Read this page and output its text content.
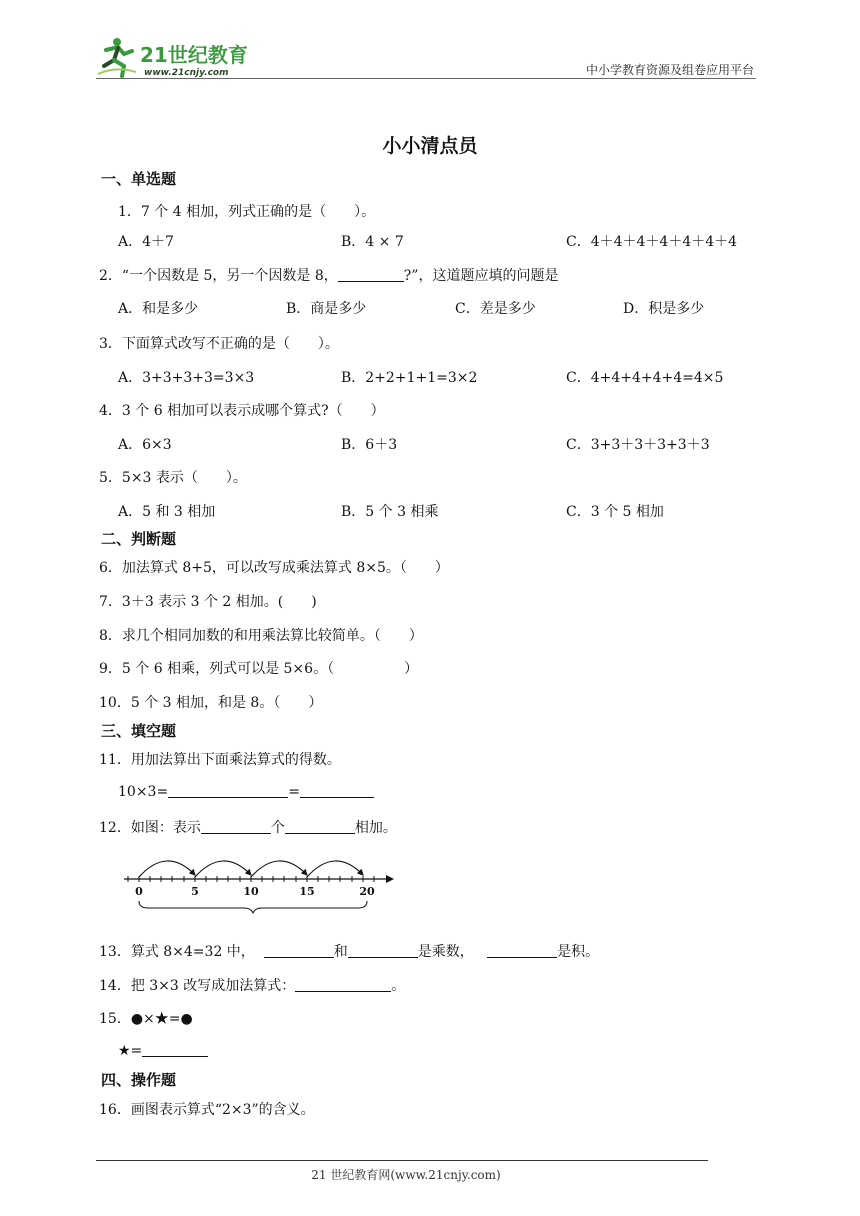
21世纪教育
www.21cnjy.com	中小学教育资源及组卷应用平台
小小清点员
一、单选题
1．7 个 4 相加，列式正确的是（　　）。
A．4＋7	B．4 × 7	C．4＋4＋4＋4＋4＋4＋4
2．“一个因数是 5，另一个因数是 8，	?”，这道题应填的问题是
A．和是多少	B．商是多少	C．差是多少	D．积是多少
3．下面算式改写不正确的是（　　）。
A．3+3+3+3=3×3	B．2+2+1+1=3×2	C．4+4+4+4+4=4×5
4．3 个 6 相加可以表示成哪个算式?（　　）
A．6×3	B．6＋3	C．3+3＋3＋3+3＋3
5．5×3 表示（　　）。
A．5 和 3 相加	B．5 个 3 相乘	C．3 个 5 相加
二、判断题
6．加法算式 8+5，可以改写成乘法算式 8×5。（　　）
7．3＋3 表示 3 个 2 相加。(　　)
8．求几个相同加数的和用乘法算比较简单。（　　）
9．5 个 6 相乘，列式可以是 5×6。（　　　　　）
10．5 个 3 相加，和是 8。（　　）
三、填空题
11．用加法算出下面乘法算式的得数。
10×3=	=
12．如图：表示	个	相加。
0	5	10	15	20
13．算式 8×4=32 中，	和	是乘数，	是积。
14．把 3×3 改写成加法算式：	。
15．●×★=●
★=
四、操作题
16．画图表示算式“2×3”的含义。
21 世纪教育网(www.21cnjy.com)
